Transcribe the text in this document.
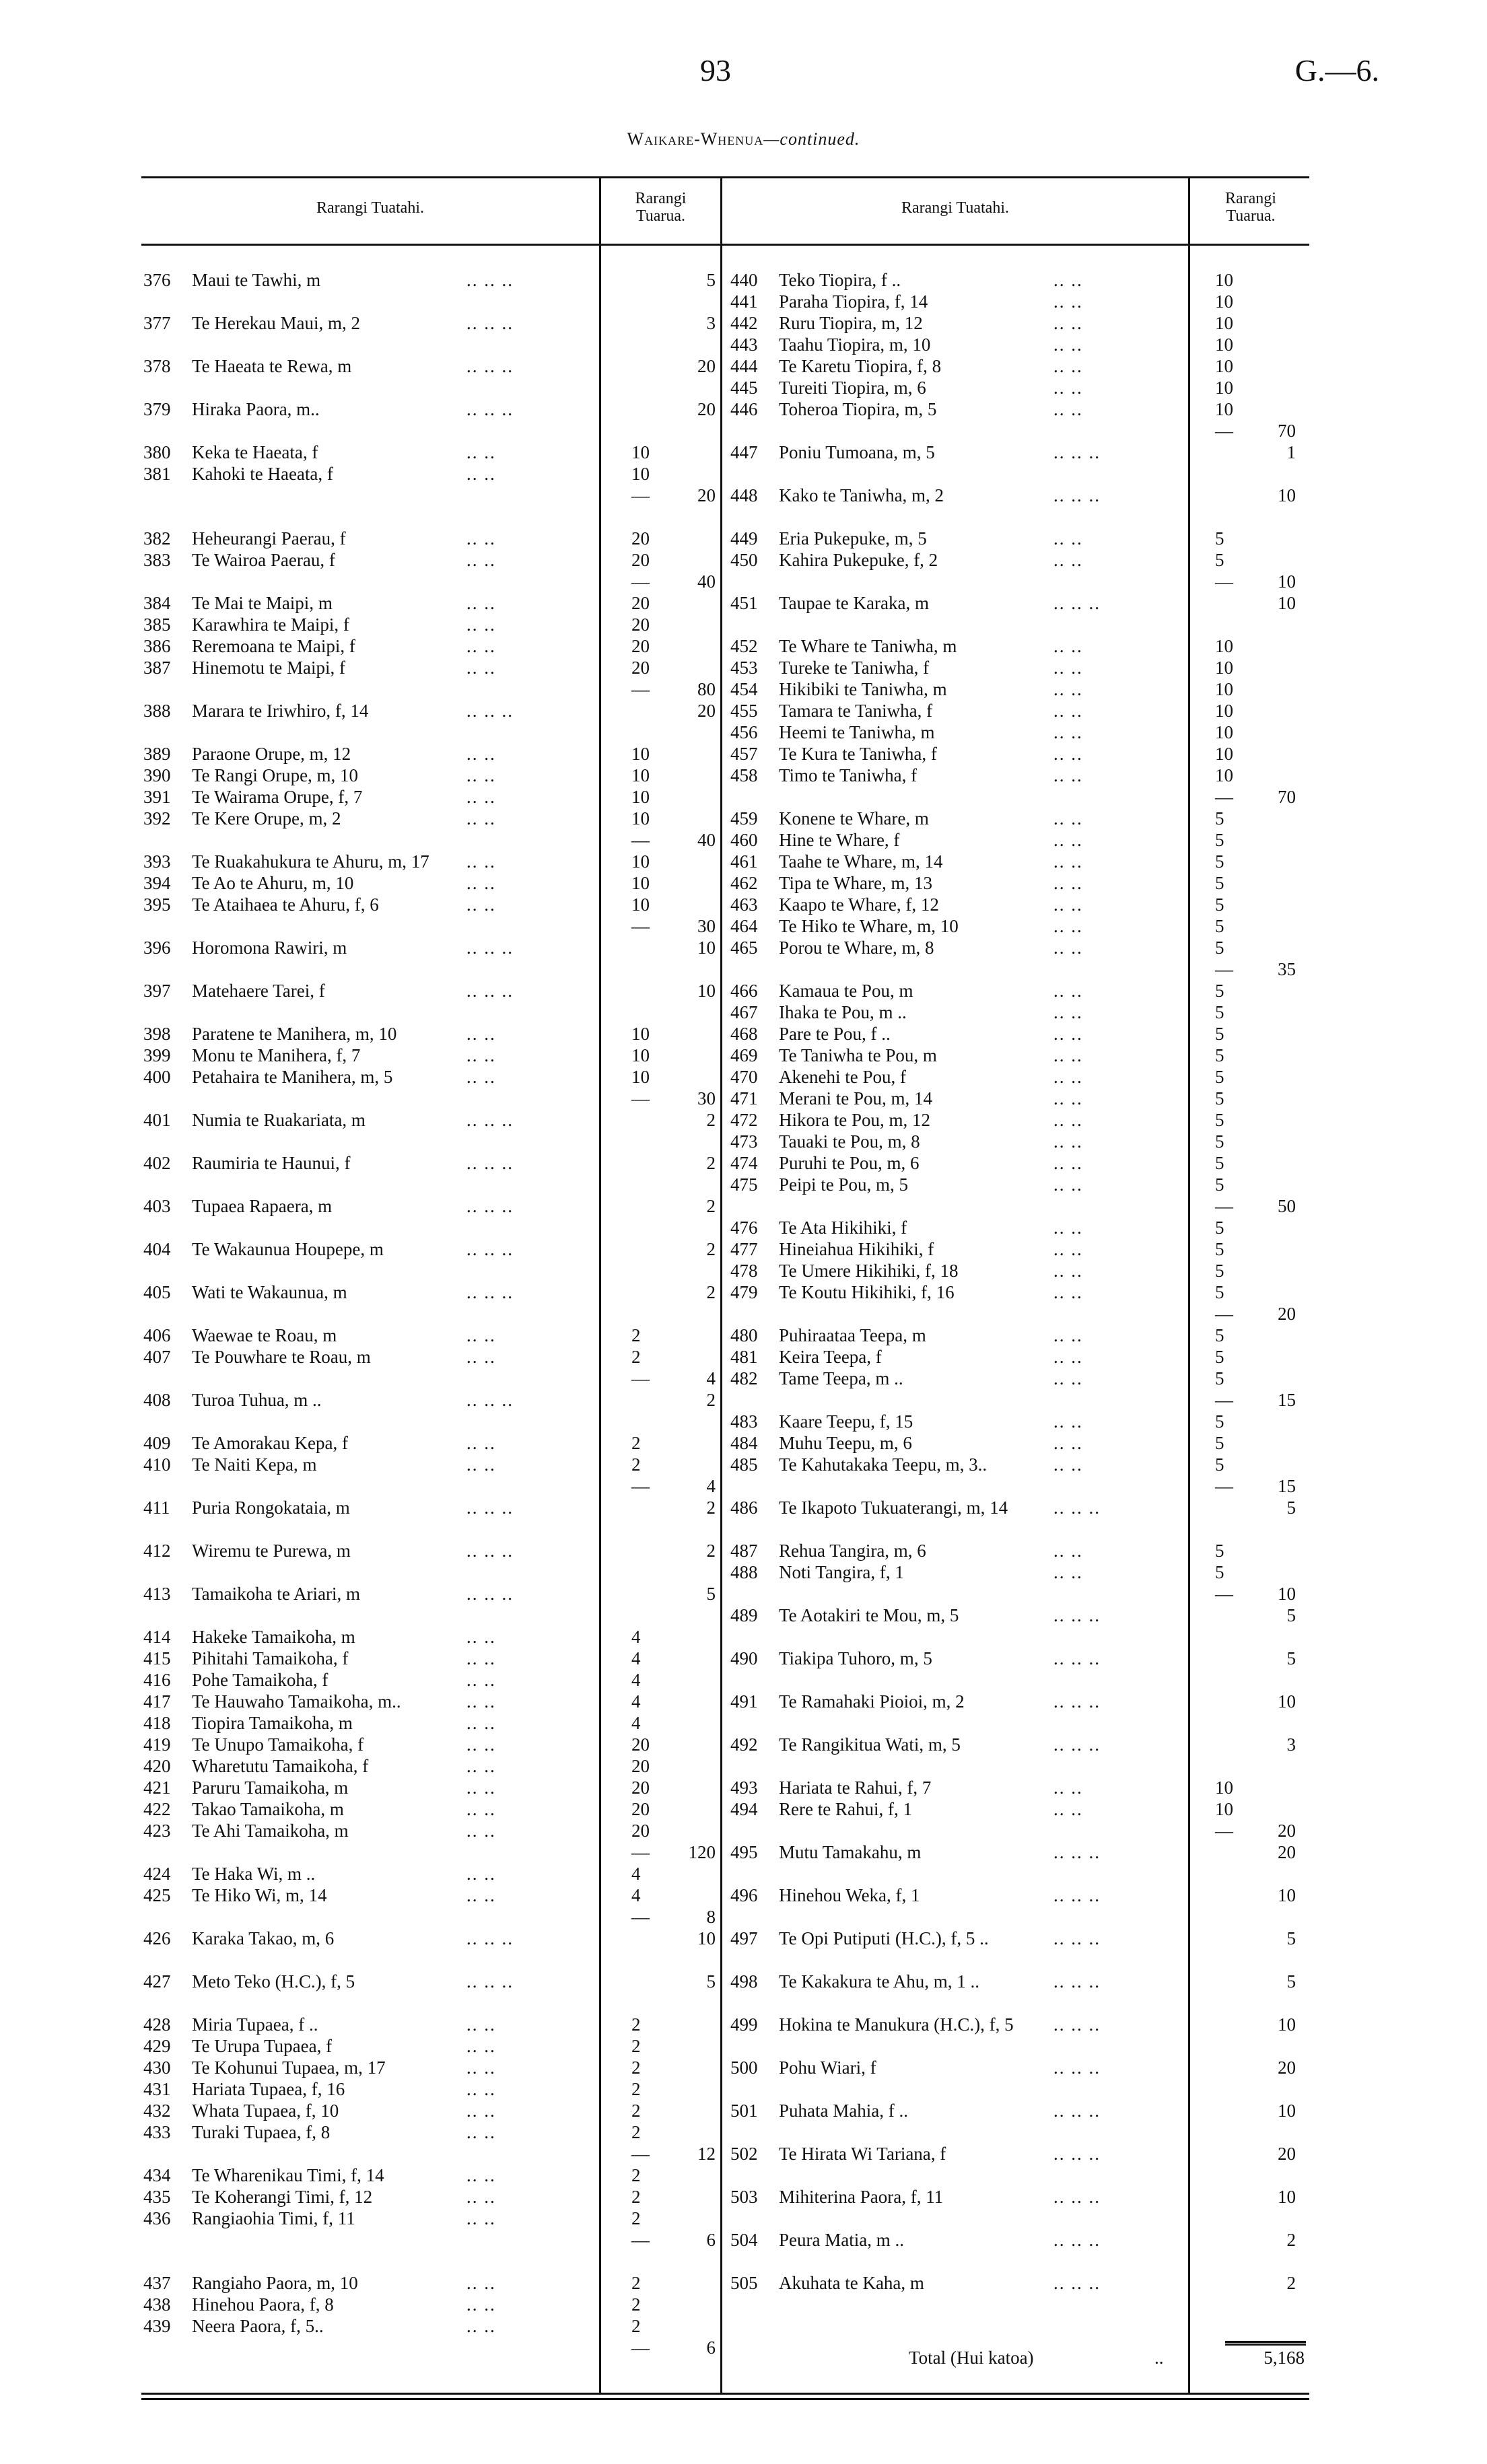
93	G.—6.
Waikare-Whenua—continued.
Rarangi Tuatahi.
Rarangi
Tuarua.	Rarangi Tuatahi.
Rarangi
Tuarua.
376 Maui te Tawhi, m	.. .. ..	5
377 Te Herekau Maui, m, 2	.. .. ..	3
378 Te Haeata te Rewa, m	.. .. ..	20
379 Hiraka Paora, m..	.. .. ..	20
380 Keka te Haeata, f	.. ..	10
381 Kahoki te Haeata, f	.. ..	10
—	20
382 Heheurangi Paerau, f	.. ..	20
383 Te Wairoa Paerau, f	.. ..	20
—	40
384 Te Mai te Maipi, m	.. ..	20
385 Karawhira te Maipi, f	.. ..	20
386 Reremoana te Maipi, f	.. ..	20
387 Hinemotu te Maipi, f	.. ..	20
—	80
388 Marara te Iriwhiro, f, 14	.. .. ..	20
389 Paraone Orupe, m, 12	.. ..	10
390 Te Rangi Orupe, m, 10	.. ..	10
391 Te Wairama Orupe, f, 7	.. ..	10
392 Te Kere Orupe, m, 2	.. ..	10
—	40
393 Te Ruakahukura te Ahuru, m, 17 .. ..	10
394 Te Ao te Ahuru, m, 10	.. ..	10
395 Te Ataihaea te Ahuru, f, 6	.. ..	10
—	30
396 Horomona Rawiri, m	.. .. ..	10
397 Matehaere Tarei, f	.. .. ..	10
398 Paratene te Manihera, m, 10	.. ..	10
399 Monu te Manihera, f, 7	.. ..	10
400 Petahaira te Manihera, m, 5	.. ..	10
—	30
401 Numia te Ruakariata, m	.. .. ..	2
402 Raumiria te Haunui, f	.. .. ..	2
403 Tupaea Rapaera, m	.. .. ..	2
404 Te Wakaunua Houpepe, m	.. .. ..	2
405 Wati te Wakaunua, m	.. .. ..	2
406 Waewae te Roau, m	.. ..	2
407 Te Pouwhare te Roau, m	.. ..	2
—	4
408 Turoa Tuhua, m ..	.. .. ..	2
409 Te Amorakau Kepa, f	.. ..	2
410 Te Naiti Kepa, m	.. ..	2
—	4
411 Puria Rongokataia, m	.. .. ..	2
412 Wiremu te Purewa, m	.. .. ..	2
413 Tamaikoha te Ariari, m	.. .. ..	5
414 Hakeke Tamaikoha, m	.. ..	4
415 Pihitahi Tamaikoha, f	.. ..	4
416 Pohe Tamaikoha, f	.. ..	4
417 Te Hauwaho Tamaikoha, m..	.. ..	4
418 Tiopira Tamaikoha, m	.. ..	4
419 Te Unupo Tamaikoha, f	.. ..	20
420 Wharetutu Tamaikoha, f	.. ..	20
421 Paruru Tamaikoha, m	.. ..	20
422 Takao Tamaikoha, m	.. ..	20
423 Te Ahi Tamaikoha, m	.. ..	20
—	120
424 Te Haka Wi, m ..	.. ..	4
425 Te Hiko Wi, m, 14	.. ..	4
—	8
426 Karaka Takao, m, 6	.. .. ..	10
427 Meto Teko (H.C.), f, 5	.. .. ..	5
428 Miria Tupaea, f ..	.. ..	2
429 Te Urupa Tupaea, f	.. ..	2
430 Te Kohunui Tupaea, m, 17	.. ..	2
431 Hariata Tupaea, f, 16	.. ..	2
432 Whata Tupaea, f, 10	.. ..	2
433 Turaki Tupaea, f, 8	.. ..	2
—	12
434 Te Wharenikau Timi, f, 14	.. ..	2
435 Te Koherangi Timi, f, 12	.. ..	2
436 Rangiaohia Timi, f, 11	.. ..	2
—	6
437 Rangiaho Paora, m, 10	.. ..	2
438 Hinehou Paora, f, 8	.. ..	2
439 Neera Paora, f, 5..	.. ..	2
—	6
440 Teko Tiopira, f ..	.. ..	10
441 Paraha Tiopira, f, 14	.. ..	10
442 Ruru Tiopira, m, 12	.. ..	10
443 Taahu Tiopira, m, 10	.. ..	10
444 Te Karetu Tiopira, f, 8	.. ..	10
445 Tureiti Tiopira, m, 6	.. ..	10
446 Toheroa Tiopira, m, 5	.. ..	10
—	70
447 Poniu Tumoana, m, 5	.. .. ..	1
448 Kako te Taniwha, m, 2	.. .. ..	10
449 Eria Pukepuke, m, 5	.. ..	5
450 Kahira Pukepuke, f, 2	.. ..	5
—	10
451 Taupae te Karaka, m	.. .. ..	10
452 Te Whare te Taniwha, m	.. ..	10
453 Tureke te Taniwha, f	.. ..	10
454 Hikibiki te Taniwha, m	.. ..	10
455 Tamara te Taniwha, f	.. ..	10
456 Heemi te Taniwha, m	.. ..	10
457 Te Kura te Taniwha, f	.. ..	10
458 Timo te Taniwha, f	.. ..	10
—	70
459 Konene te Whare, m	.. ..	5
460 Hine te Whare, f	.. ..	5
461 Taahe te Whare, m, 14	.. ..	5
462 Tipa te Whare, m, 13	.. ..	5
463 Kaapo te Whare, f, 12	.. ..	5
464 Te Hiko te Whare, m, 10	.. ..	5
465 Porou te Whare, m, 8	.. ..	5
—	35
466 Kamaua te Pou, m	.. ..	5
467 Ihaka te Pou, m ..	.. ..	5
468 Pare te Pou, f ..	.. ..	5
469 Te Taniwha te Pou, m	.. ..	5
470 Akenehi te Pou, f	.. ..	5
471 Merani te Pou, m, 14	.. ..	5
472 Hikora te Pou, m, 12	.. ..	5
473 Tauaki te Pou, m, 8	.. ..	5
474 Puruhi te Pou, m, 6	.. ..	5
475 Peipi te Pou, m, 5	.. ..	5
—	50
476 Te Ata Hikihiki, f	.. ..	5
477 Hineiahua Hikihiki, f	.. ..	5
478 Te Umere Hikihiki, f, 18	.. ..	5
479 Te Koutu Hikihiki, f, 16	.. ..	5
—	20
480 Puhiraataa Teepa, m	.. ..	5
481 Keira Teepa, f	.. ..	5
482 Tame Teepa, m ..	.. ..	5
—	15
483 Kaare Teepu, f, 15	.. ..	5
484 Muhu Teepu, m, 6	.. ..	5
485 Te Kahutakaka Teepu, m, 3..	.. ..	5
—	15
486 Te Ikapoto Tukuaterangi, m, 14	.. .. ..	5
487 Rehua Tangira, m, 6	.. ..	5
488 Noti Tangira, f, 1	.. ..	5
—	10
489 Te Aotakiri te Mou, m, 5	.. .. ..	5
490 Tiakipa Tuhoro, m, 5	.. .. ..	5
491 Te Ramahaki Pioioi, m, 2	.. .. ..	10
492 Te Rangikitua Wati, m, 5	.. .. ..	3
493 Hariata te Rahui, f, 7	.. ..	10
494 Rere te Rahui, f, 1	.. ..	10
—	20
495 Mutu Tamakahu, m	.. .. ..	20
496 Hinehou Weka, f, 1	.. .. ..	10
497 Te Opi Putiputi (H.C.), f, 5 ..	.. .. ..	5
498 Te Kakakura te Ahu, m, 1 ..	.. .. ..	5
499 Hokina te Manukura (H.C.), f, 5 .. .. ..	10
500 Pohu Wiari, f	.. .. ..	20
501 Puhata Mahia, f ..	.. .. ..	10
502 Te Hirata Wi Tariana, f	.. .. ..	20
503 Mihiterina Paora, f, 11	.. .. ..	10
504 Peura Matia, m ..	.. .. ..	2
505 Akuhata te Kaha, m	.. .. ..	2
Total (Hui katoa)	..	5,168
